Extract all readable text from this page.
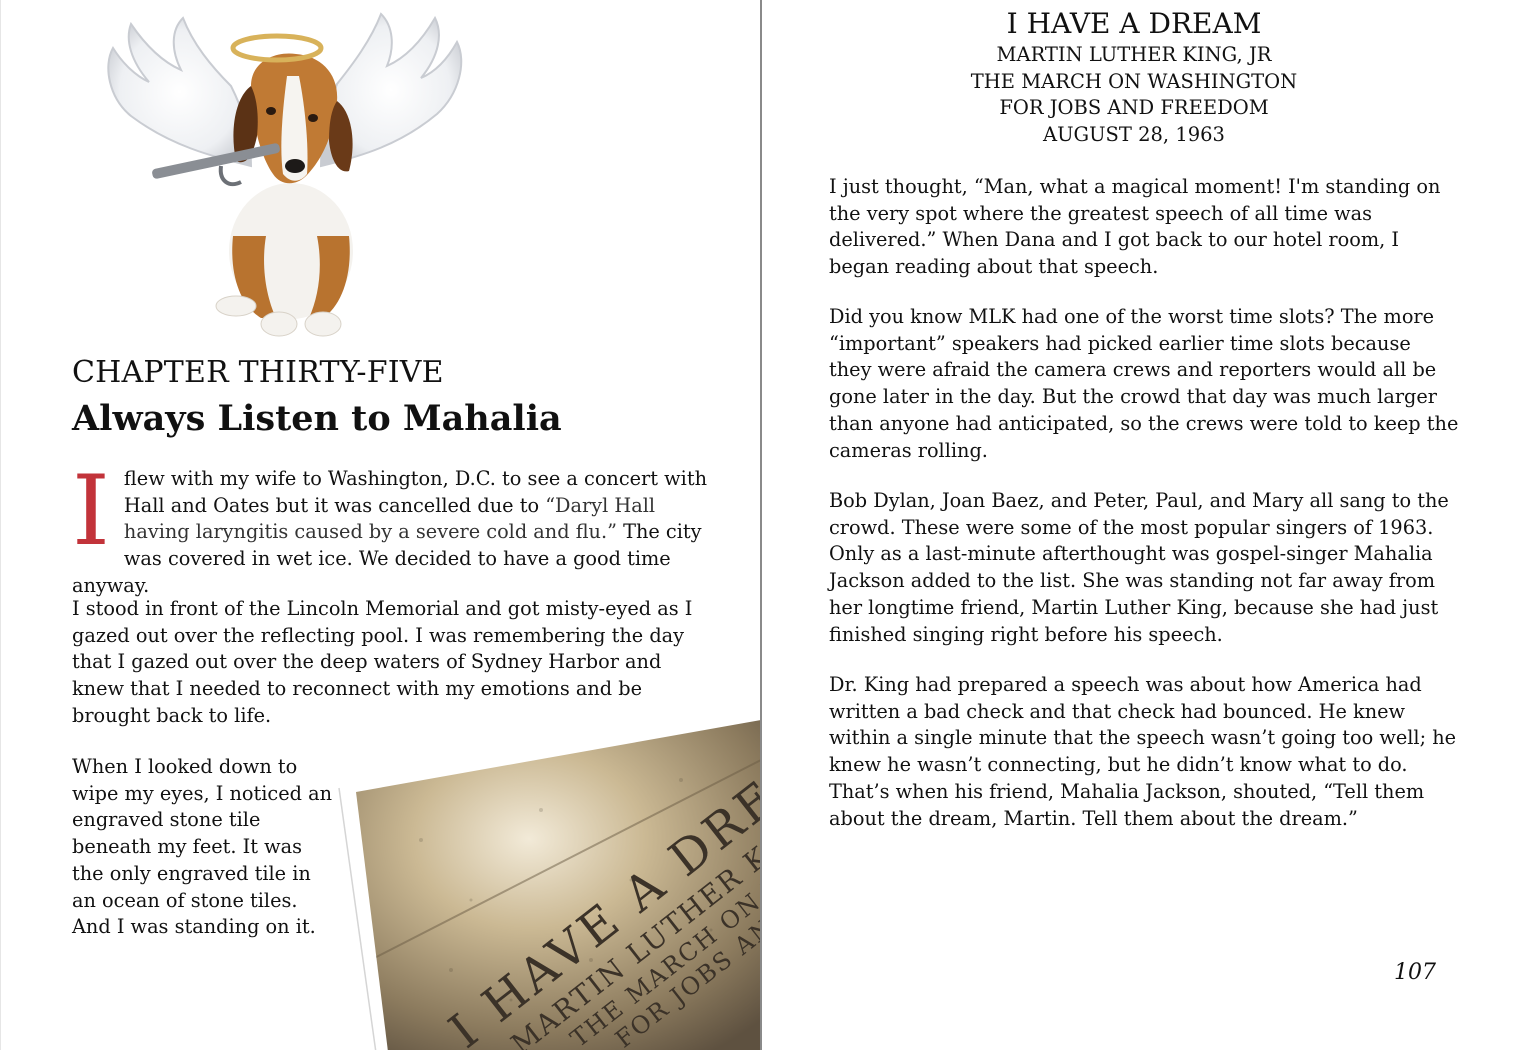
CHAPTER THIRTY-FIVE
Always Listen to Mahalia

I flew with my wife to Washington, D.C. to see a concert with Hall and Oates but it was cancelled due to “Daryl Hall having laryngitis caused by a severe cold and flu.” The city was covered in wet ice. We decided to have a good time anyway.

I stood in front of the Lincoln Memorial and got misty-eyed as I gazed out over the reflecting pool. I was remembering the day that I gazed out over the deep waters of Sydney Harbor and knew that I needed to reconnect with my emotions and be brought back to life.

When I looked down to wipe my eyes, I noticed an engraved stone tile beneath my feet. It was the only engraved tile in an ocean of stone tiles. And I was standing on it.

I HAVE A DREAM
MARTIN LUTHER KING, JR
THE MARCH ON WASHINGTON
FOR JOBS AND FREEDOM
AUGUST 28, 1963

I just thought, “Man, what a magical moment! I'm standing on the very spot where the greatest speech of all time was delivered.” When Dana and I got back to our hotel room, I began reading about that speech.

Did you know MLK had one of the worst time slots? The more “important” speakers had picked earlier time slots because they were afraid the camera crews and reporters would all be gone later in the day. But the crowd that day was much larger than anyone had anticipated, so the crews were told to keep the cameras rolling.

Bob Dylan, Joan Baez, and Peter, Paul, and Mary all sang to the crowd. These were some of the most popular singers of 1963. Only as a last-minute afterthought was gospel-singer Mahalia Jackson added to the list. She was standing not far away from her longtime friend, Martin Luther King, because she had just finished singing right before his speech.

Dr. King had prepared a speech was about how America had written a bad check and that check had bounced. He knew within a single minute that the speech wasn’t going too well; he knew he wasn’t connecting, but he didn’t know what to do. That’s when his friend, Mahalia Jackson, shouted, “Tell them about the dream, Martin. Tell them about the dream.”

107
